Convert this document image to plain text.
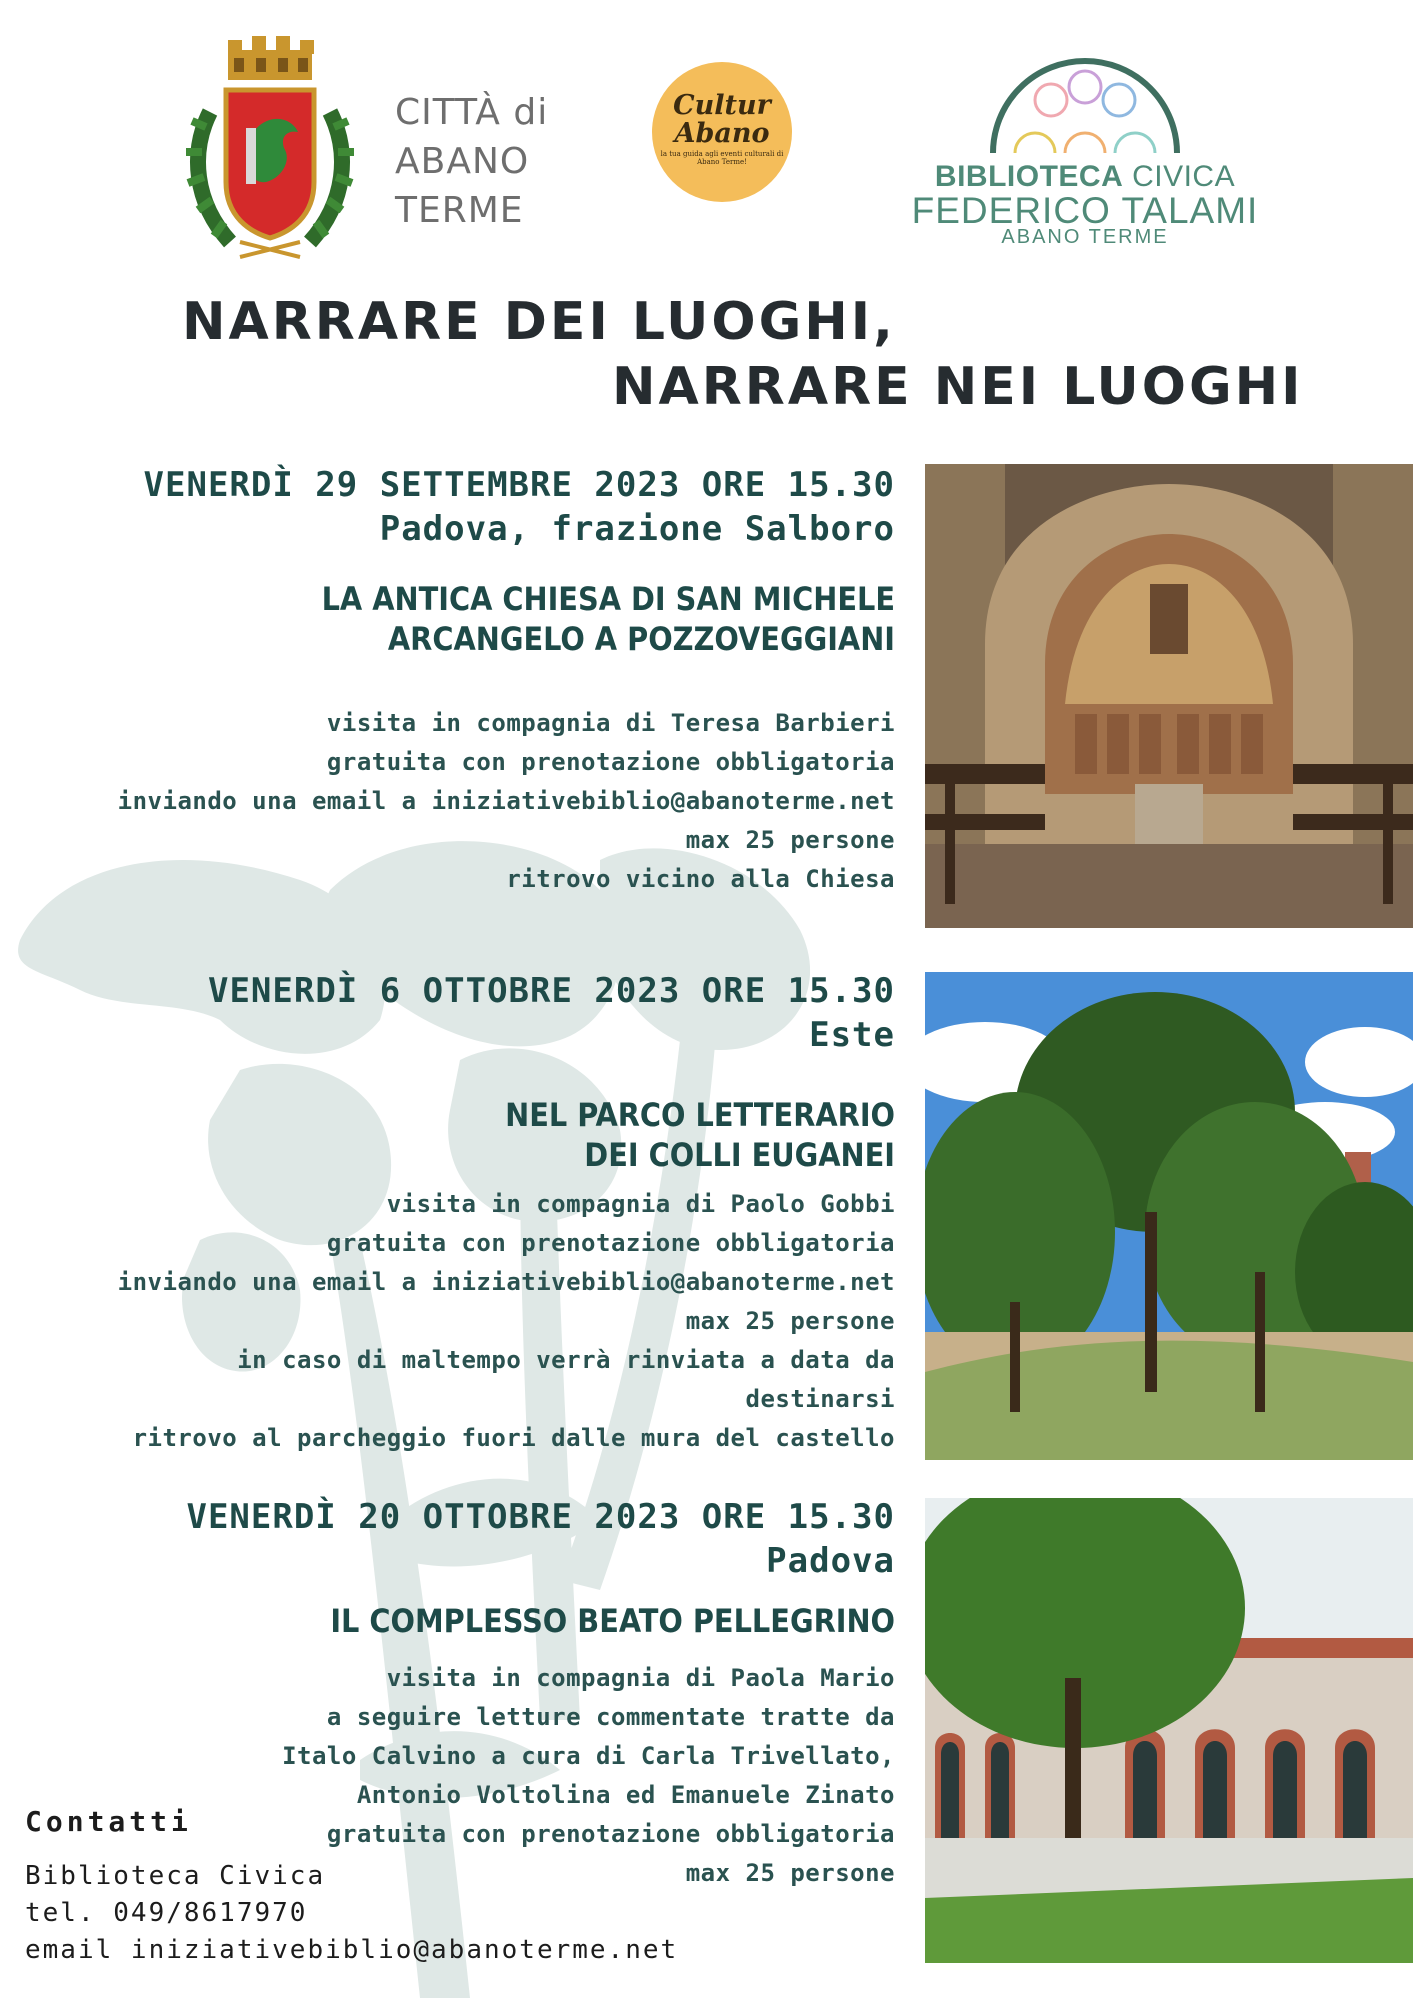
CITTÀ di
ABANO
TERME
Cultur
Abano
la tua guida agli eventi culturali di Abano Terme!	BIBLIOTECA CIVICA
FEDERICO TALAMI
ABANO TERME
NARRARE DEI LUOGHI,
NARRARE NEI LUOGHI
VENERDÌ 29 SETTEMBRE 2023 ORE 15.30
Padova, frazione Salboro
LA ANTICA CHIESA DI SAN MICHELE
ARCANGELO A POZZOVEGGIANI
visita in compagnia di Teresa Barbieri
gratuita con prenotazione obbligatoria
inviando una email a iniziativebiblio@abanoterme.net
max 25 persone
ritrovo vicino alla Chiesa
VENERDÌ 6 OTTOBRE 2023 ORE 15.30
Este
NEL PARCO LETTERARIO
DEI COLLI EUGANEI
visita in compagnia di Paolo Gobbi
gratuita con prenotazione obbligatoria
inviando una email a iniziativebiblio@abanoterme.net
max 25 persone
in caso di maltempo verrà rinviata a data da destinarsi
ritrovo al parcheggio fuori dalle mura del castello
VENERDÌ 20 OTTOBRE 2023 ORE 15.30
Padova
IL COMPLESSO BEATO PELLEGRINO
visita in compagnia di Paola Mario
a seguire letture commentate tratte da
Italo Calvino a cura di Carla Trivellato,
Antonio Voltolina ed Emanuele Zinato
gratuita con prenotazione obbligatoria
max 25 persone
Contatti
Biblioteca Civica
tel. 049/8617970
email iniziativebiblio@abanoterme.net
